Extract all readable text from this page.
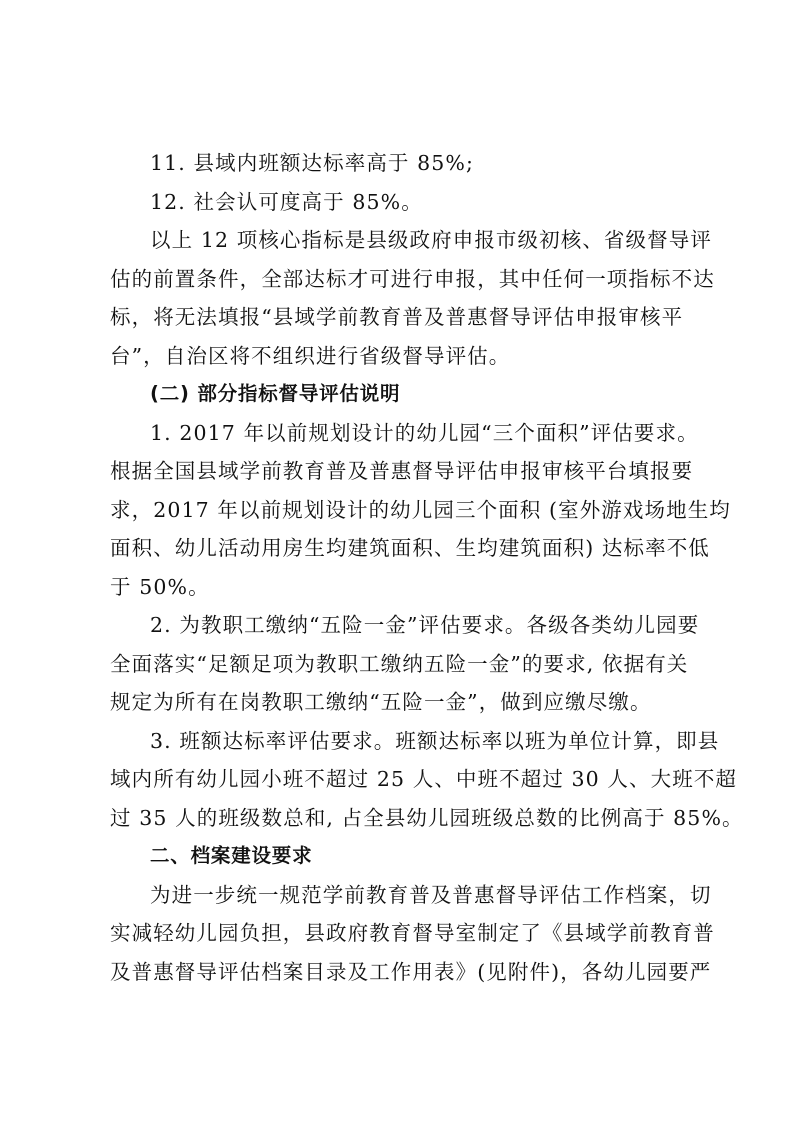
11. 县域内班额达标率高于 85%;
12. 社会认可度高于 85%。
以上 12 项核心指标是县级政府申报市级初核、省级督导评
估的前置条件，全部达标才可进行申报，其中任何一项指标不达
标，将无法填报“县域学前教育普及普惠督导评估申报审核平
台”，自治区将不组织进行省级督导评估。
(二) 部分指标督导评估说明
1. 2017 年以前规划设计的幼儿园“三个面积”评估要求。
根据全国县域学前教育普及普惠督导评估申报审核平台填报要
求，2017 年以前规划设计的幼儿园三个面积 (室外游戏场地生均
面积、幼儿活动用房生均建筑面积、生均建筑面积) 达标率不低
于 50%。
2. 为教职工缴纳“五险一金”评估要求。各级各类幼儿园要
全面落实“足额足项为教职工缴纳五险一金”的要求, 依据有关
规定为所有在岗教职工缴纳“五险一金”，做到应缴尽缴。
3. 班额达标率评估要求。班额达标率以班为单位计算，即县
域内所有幼儿园小班不超过 25 人、中班不超过 30 人、大班不超
过 35 人的班级数总和, 占全县幼儿园班级总数的比例高于 85%。
二、档案建设要求
为进一步统一规范学前教育普及普惠督导评估工作档案，切
实减轻幼儿园负担，县政府教育督导室制定了《县域学前教育普
及普惠督导评估档案目录及工作用表》(见附件)，各幼儿园要严
